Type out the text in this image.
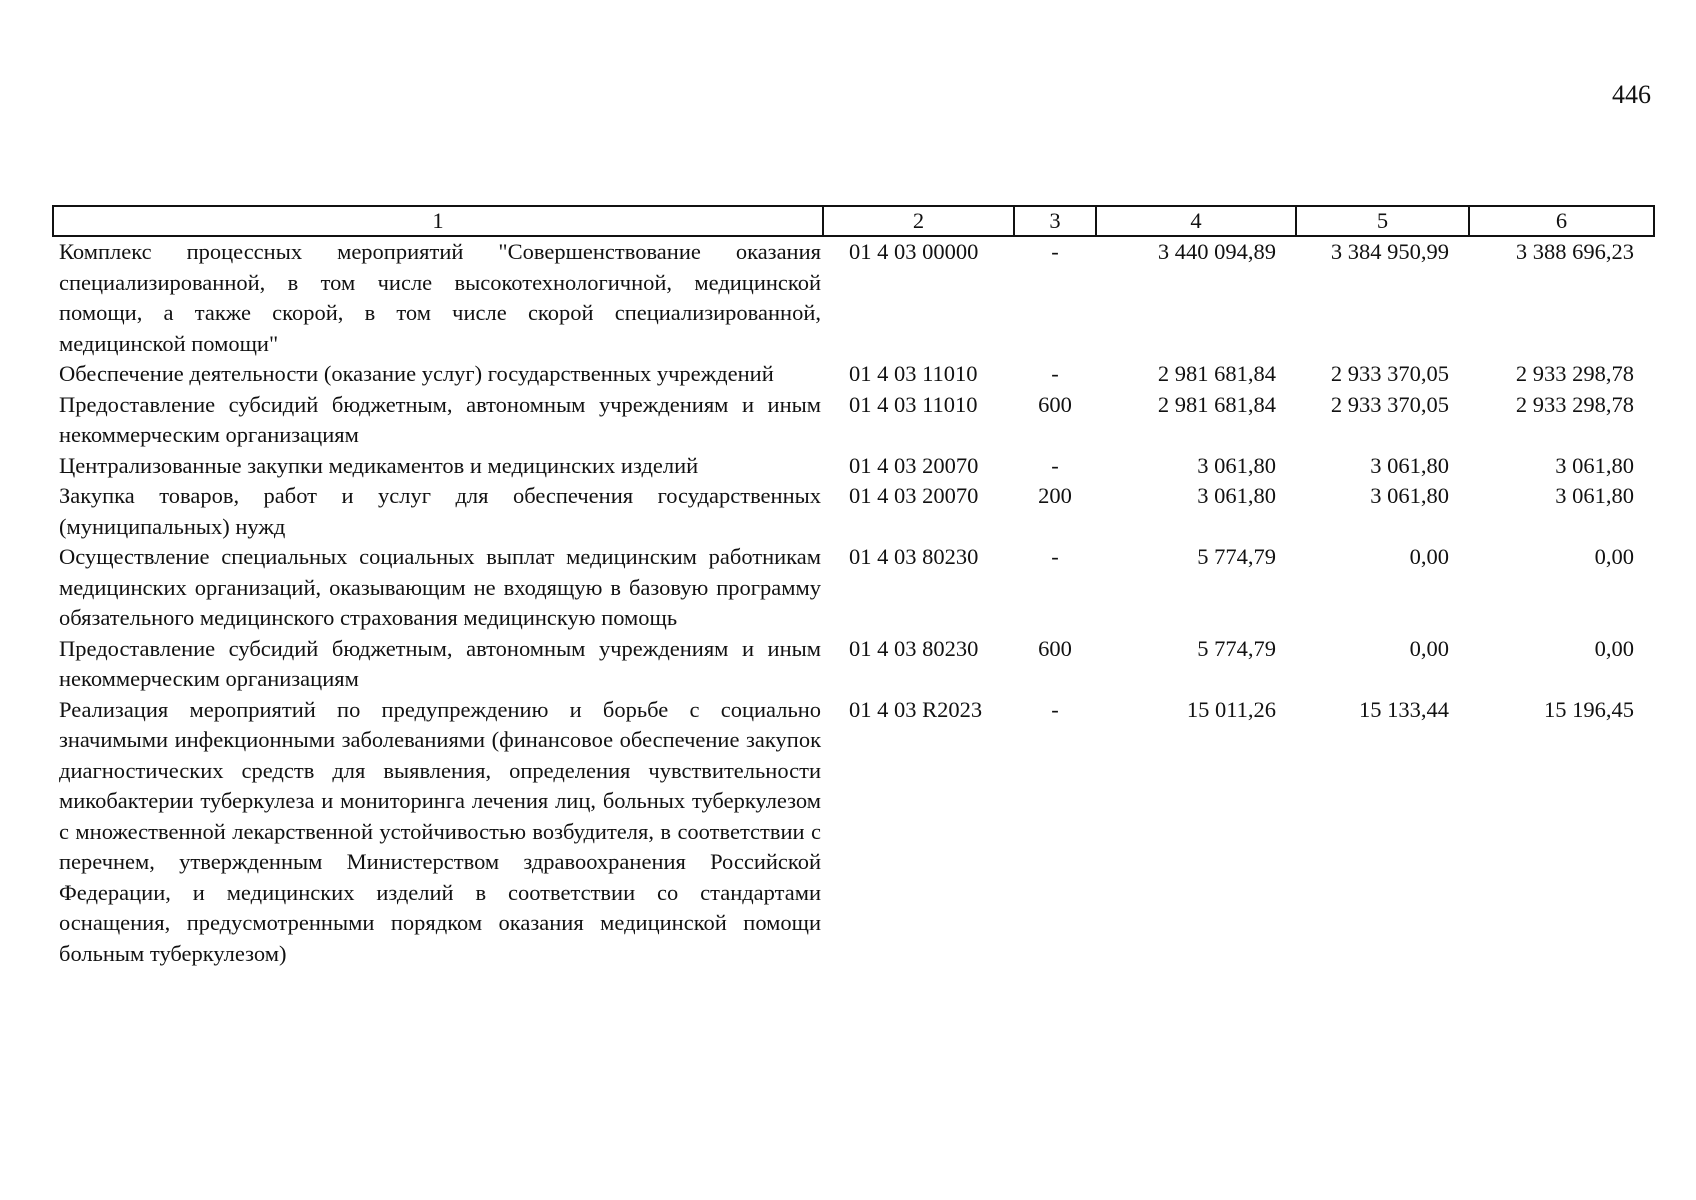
446
1	2	3	4	5	6
Комплекс процессных мероприятий "Совершенствование оказания специализированной, в том числе высокотехнологичной, медицинской помощи, а также скорой, в том числе скорой специализированной, медицинской помощи"	01 4 03 00000	-	3 440 094,89	3 384 950,99	3 388 696,23
Обеспечение деятельности (оказание услуг) государственных учреждений	01 4 03 11010	-	2 981 681,84	2 933 370,05	2 933 298,78
Предоставление субсидий бюджетным, автономным учреждениям и иным некоммерческим организациям	01 4 03 11010	600	2 981 681,84	2 933 370,05	2 933 298,78
Централизованные закупки медикаментов и медицинских изделий	01 4 03 20070	-	3 061,80	3 061,80	3 061,80
Закупка товаров, работ и услуг для обеспечения государственных (муниципальных) нужд	01 4 03 20070	200	3 061,80	3 061,80	3 061,80
Осуществление специальных социальных выплат медицинским работникам медицинских организаций, оказывающим не входящую в базовую программу обязательного медицинского страхования медицинскую помощь	01 4 03 80230	-	5 774,79	0,00	0,00
Предоставление субсидий бюджетным, автономным учреждениям и иным некоммерческим организациям	01 4 03 80230	600	5 774,79	0,00	0,00
Реализация мероприятий по предупреждению и борьбе с социально значимыми инфекционными заболеваниями (финансовое обеспечение закупок диагностических средств для выявления, определения чувствительности микобактерии туберкулеза и мониторинга лечения лиц, больных туберкулезом с множественной лекарственной устойчивостью возбудителя, в соответствии с перечнем, утвержденным Министерством здравоохранения Российской Федерации, и медицинских изделий в соответствии со стандартами оснащения, предусмотренными порядком оказания медицинской помощи больным туберкулезом)	01 4 03 R2023	-	15 011,26	15 133,44	15 196,45
